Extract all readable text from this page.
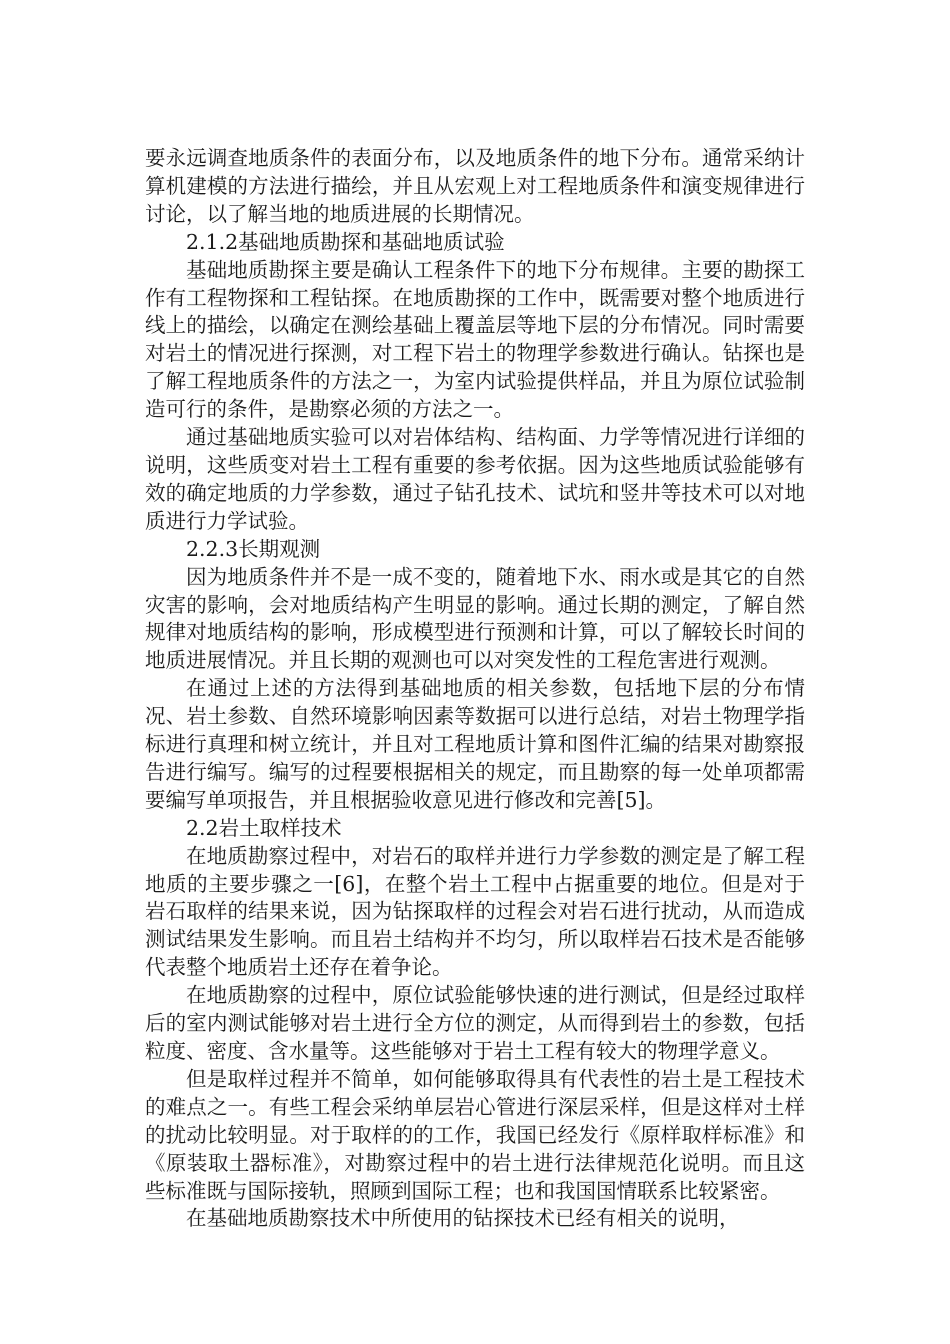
要永远调查地质条件的表面分布，以及地质条件的地下分布。通常采纳计算机建模的方法进行描绘，并且从宏观上对工程地质条件和演变规律进行讨论，以了解当地的地质进展的长期情况。

2.1.2基础地质勘探和基础地质试验

基础地质勘探主要是确认工程条件下的地下分布规律。主要的勘探工作有工程物探和工程钻探。在地质勘探的工作中，既需要对整个地质进行线上的描绘，以确定在测绘基础上覆盖层等地下层的分布情况。同时需要对岩土的情况进行探测，对工程下岩土的物理学参数进行确认。钻探也是了解工程地质条件的方法之一，为室内试验提供样品，并且为原位试验制造可行的条件，是勘察必须的方法之一。

通过基础地质实验可以对岩体结构、结构面、力学等情况进行详细的说明，这些质变对岩土工程有重要的参考依据。因为这些地质试验能够有效的确定地质的力学参数，通过子钻孔技术、试坑和竖井等技术可以对地质进行力学试验。

2.2.3长期观测

因为地质条件并不是一成不变的，随着地下水、雨水或是其它的自然灾害的影响，会对地质结构产生明显的影响。通过长期的测定，了解自然规律对地质结构的影响，形成模型进行预测和计算，可以了解较长时间的地质进展情况。并且长期的观测也可以对突发性的工程危害进行观测。

在通过上述的方法得到基础地质的相关参数，包括地下层的分布情况、岩土参数、自然环境影响因素等数据可以进行总结，对岩土物理学指标进行真理和树立统计，并且对工程地质计算和图件汇编的结果对勘察报告进行编写。编写的过程要根据相关的规定，而且勘察的每一处单项都需要编写单项报告，并且根据验收意见进行修改和完善[5]。

2.2岩土取样技术

在地质勘察过程中，对岩石的取样并进行力学参数的测定是了解工程地质的主要步骤之一[6]，在整个岩土工程中占据重要的地位。但是对于岩石取样的结果来说，因为钻探取样的过程会对岩石进行扰动，从而造成测试结果发生影响。而且岩土结构并不均匀，所以取样岩石技术是否能够代表整个地质岩土还存在着争论。

在地质勘察的过程中，原位试验能够快速的进行测试，但是经过取样后的室内测试能够对岩土进行全方位的测定，从而得到岩土的参数，包括粒度、密度、含水量等。这些能够对于岩土工程有较大的物理学意义。

但是取样过程并不简单，如何能够取得具有代表性的岩土是工程技术的难点之一。有些工程会采纳单层岩心管进行深层采样，但是这样对土样的扰动比较明显。对于取样的的工作，我国已经发行《原样取样标准》和《原装取土器标准》，对勘察过程中的岩土进行法律规范化说明。而且这些标准既与国际接轨，照顾到国际工程；也和我国国情联系比较紧密。

在基础地质勘察技术中所使用的钻探技术已经有相关的说明，
